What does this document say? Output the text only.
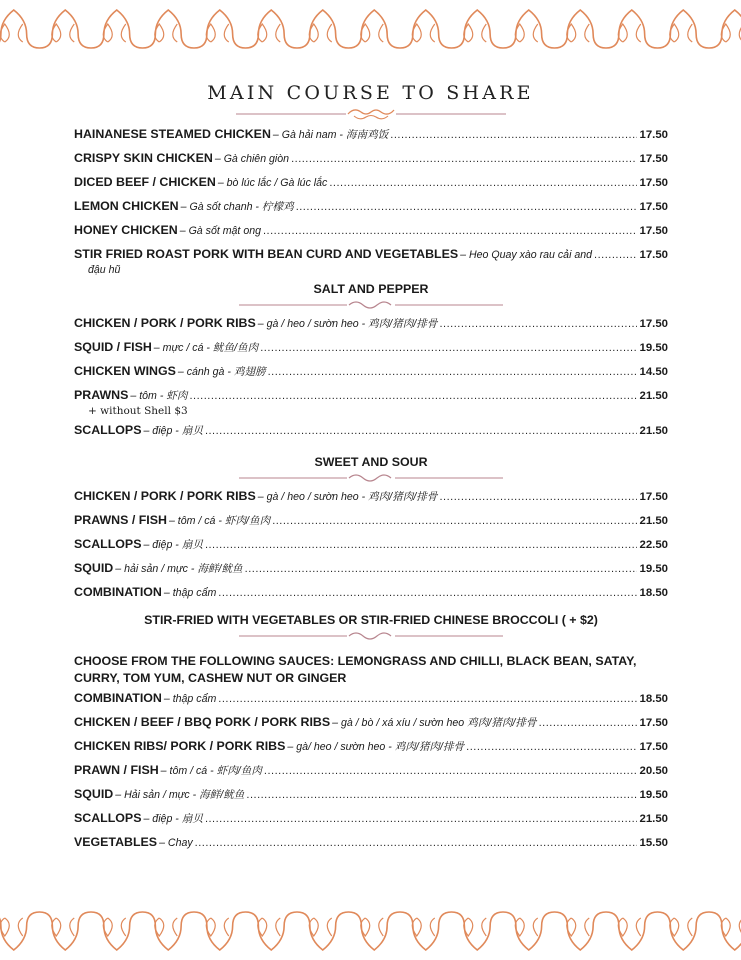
MAIN COURSE TO SHARE
HAINANESE STEAMED CHICKEN – Gà hải nam - 海南鸡饭 .....	17.50
CRISPY SKIN CHICKEN – Gà chiên giòn .....	17.50
DICED BEEF / CHICKEN – bò lúc lắc / Gà lúc lắc .....	17.50
LEMON CHICKEN – Gà sốt chanh - 柠檬鸡 .....	17.50
HONEY CHICKEN – Gà sốt mật ong .....	17.50
STIR FRIED ROAST PORK WITH BEAN CURD AND VEGETABLES – Heo Quay xào rau cải and .....	17.50
đậu hũ
SALT AND PEPPER
CHICKEN / PORK / PORK RIBS – gà / heo / sườn heo - 鸡肉/猪肉/排骨 .....	17.50
SQUID / FISH – mực / cá - 鱿鱼/鱼肉 .....	19.50
CHICKEN WINGS – cánh gà - 鸡翅膀 .....	14.50
PRAWNS – tôm - 虾肉 .....	21.50
+ without Shell $3
SCALLOPS – điệp - 扇贝 .....	21.50
SWEET AND SOUR
CHICKEN / PORK / PORK RIBS – gà / heo / sườn heo - 鸡肉/猪肉/排骨 .....	17.50
PRAWNS / FISH – tôm / cá - 虾肉/鱼肉 .....	21.50
SCALLOPS – điệp - 扇贝 .....	22.50
SQUID – hải sản / mực - 海鲜/鱿鱼 .....	19.50
COMBINATION – thập cẩm .....	18.50
STIR-FRIED WITH VEGETABLES OR STIR-FRIED CHINESE BROCCOLI ( + $2)
CHOOSE FROM THE FOLLOWING SAUCES: LEMONGRASS AND CHILLI, BLACK BEAN, SATAY, CURRY, TOM YUM, CASHEW NUT OR GINGER
COMBINATION – thập cẩm .....	18.50
CHICKEN / BEEF / BBQ PORK / PORK RIBS – gà / bò / xá xíu / sườn heo 鸡肉/猪肉/排骨 .....	17.50
CHICKEN RIBS/ PORK / PORK RIBS – gà/ heo / sườn heo - 鸡肉/猪肉/排骨 .....	17.50
PRAWN / FISH – tôm / cá - 虾肉/鱼肉 .....	20.50
SQUID – Hải sản / mực - 海鲜/鱿鱼 .....	19.50
SCALLOPS – điệp - 扇贝 .....	21.50
VEGETABLES – Chay .....	15.50
